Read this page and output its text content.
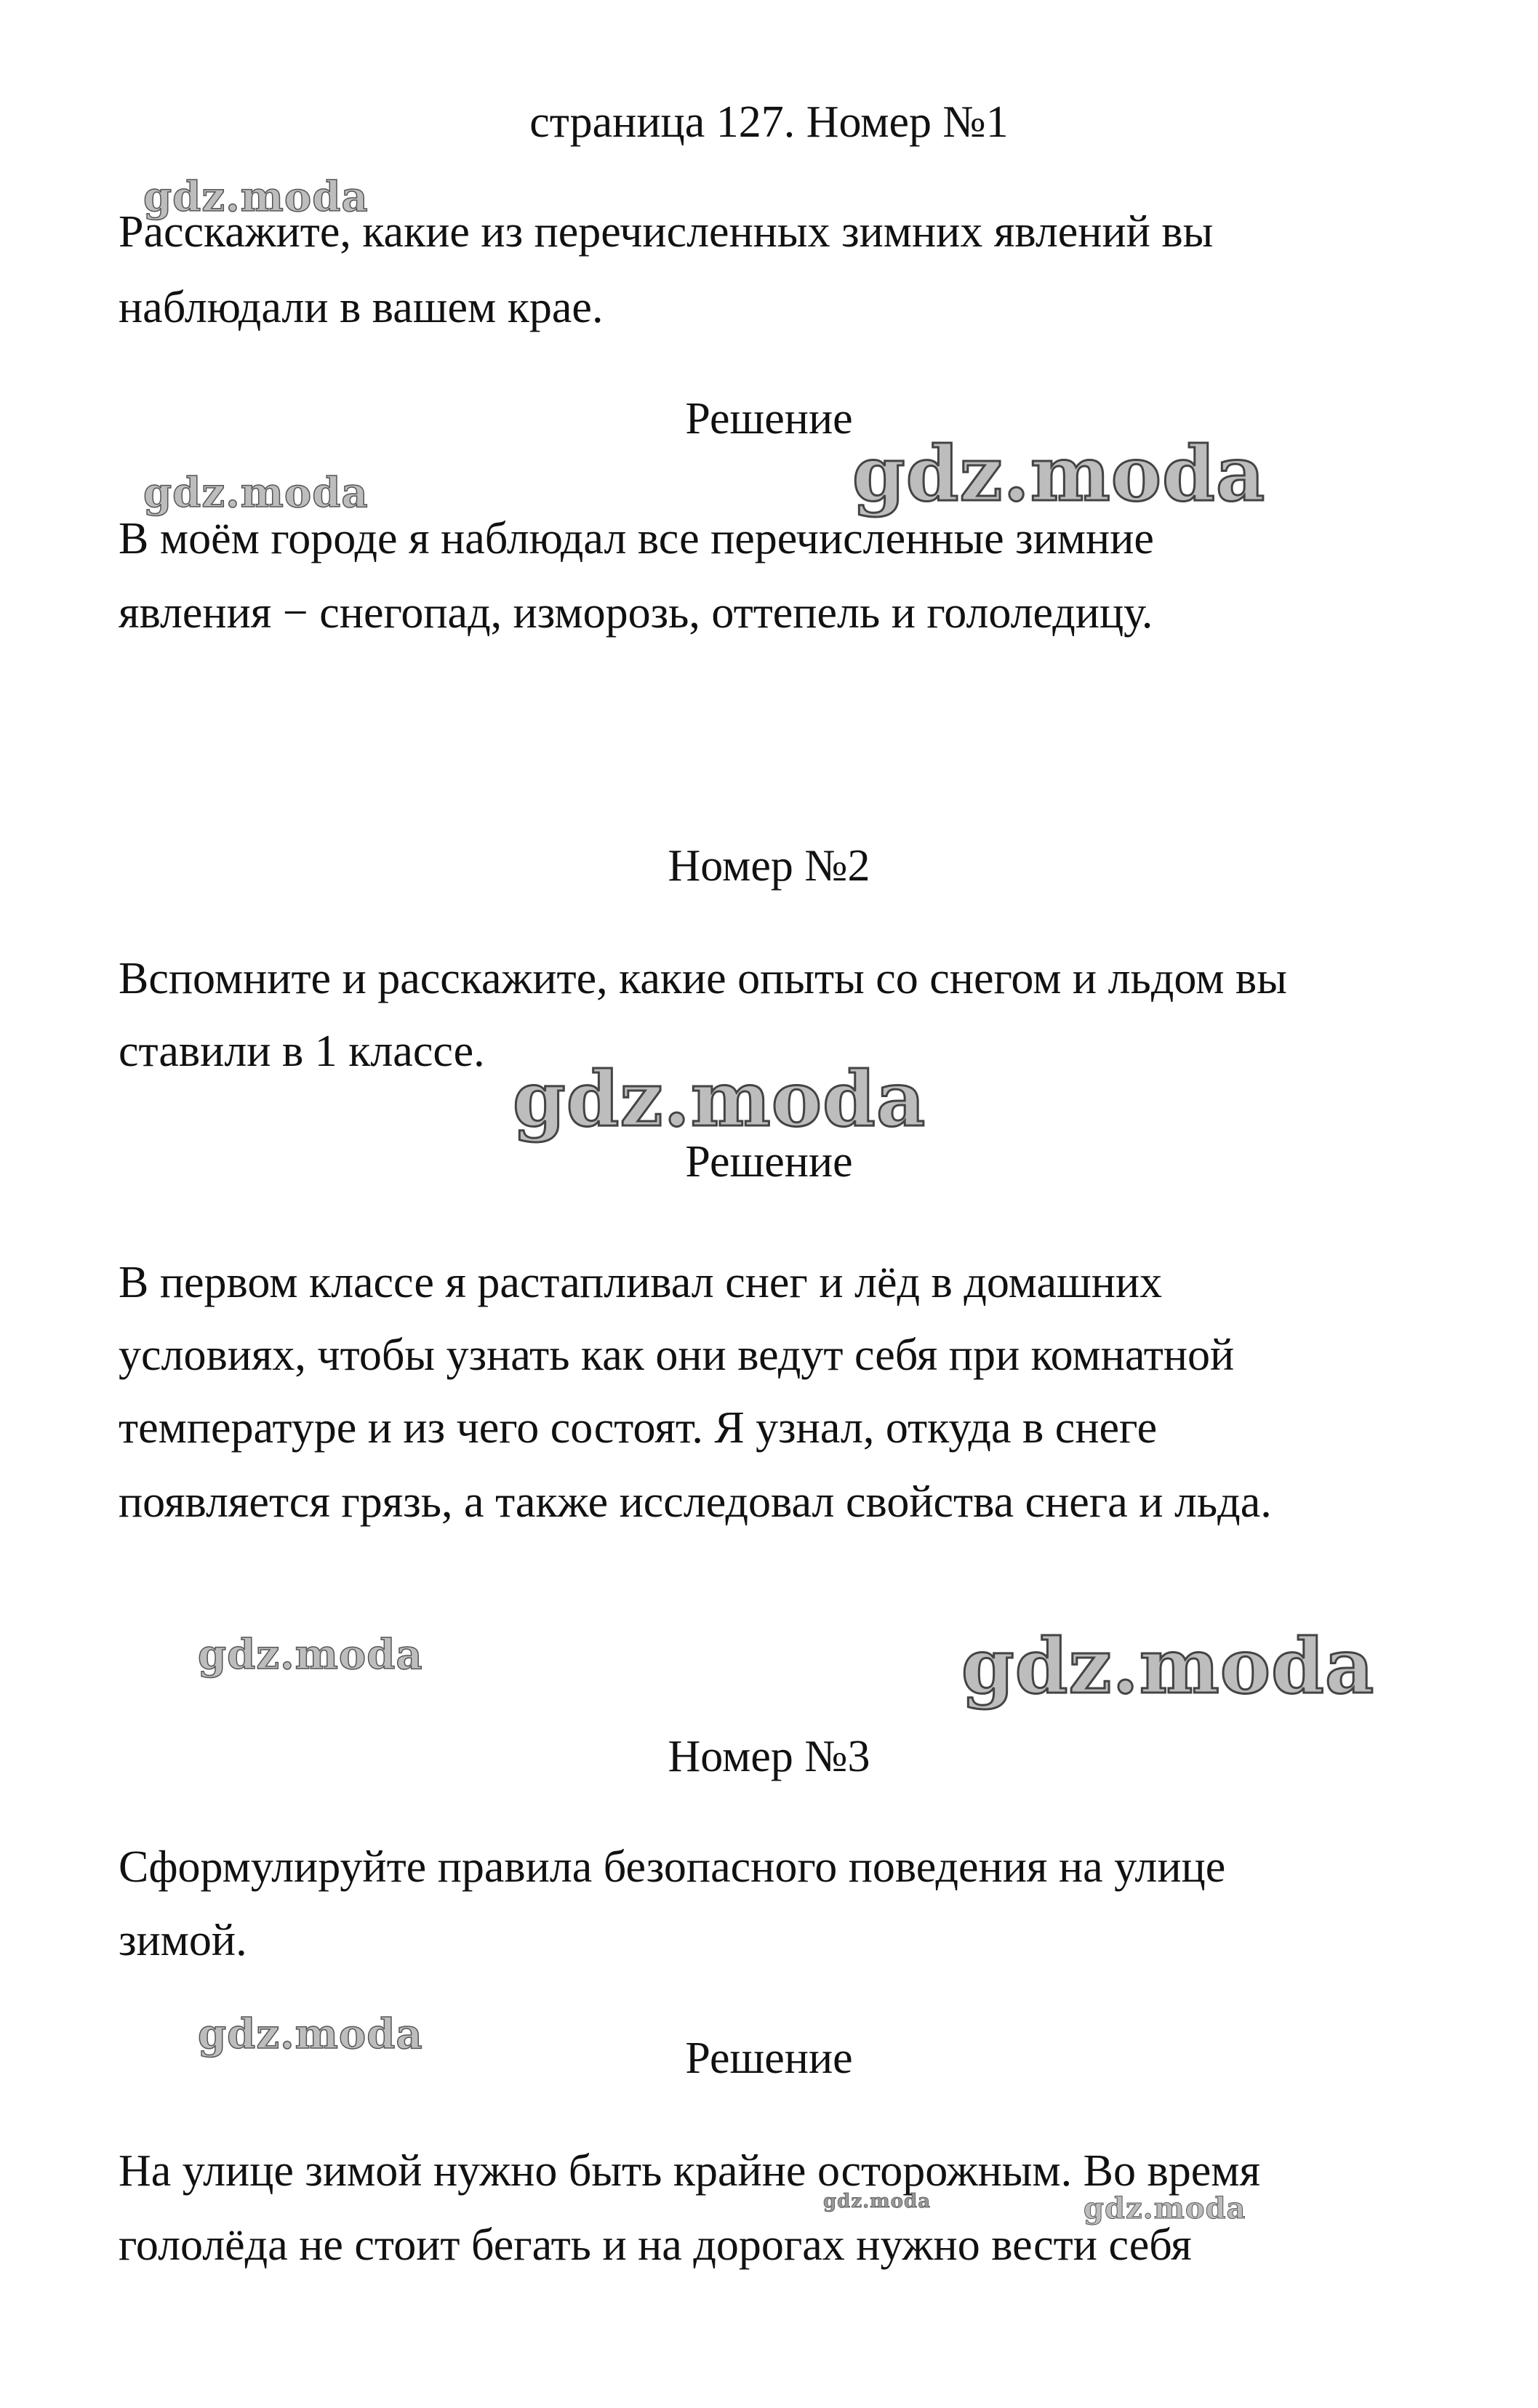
страница 127. Номер №1
gdz.moda
Расскажите, какие из перечисленных зимних явлений вы
наблюдали в вашем крае.
Решение
gdz.moda
gdz.moda
В моём городе я наблюдал все перечисленные зимние
явления − снегопад, изморозь, оттепель и гололедицу.
Номер №2
Вспомните и расскажите, какие опыты со снегом и льдом вы
ставили в 1 классе.
gdz.moda
Решение
В первом классе я растапливал снег и лёд в домашних
условиях, чтобы узнать как они ведут себя при комнатной
температуре и из чего состоят. Я узнал, откуда в снеге
появляется грязь, а также исследовал свойства снега и льда.
gdz.moda	gdz.moda
Номер №3
Сформулируйте правила безопасного поведения на улице
зимой.
gdz.moda	Решение
На улице зимой нужно быть крайне осторожным. Во время
gdz.moda	gdz.moda
гололёда не стоит бегать и на дорогах нужно вести себя
